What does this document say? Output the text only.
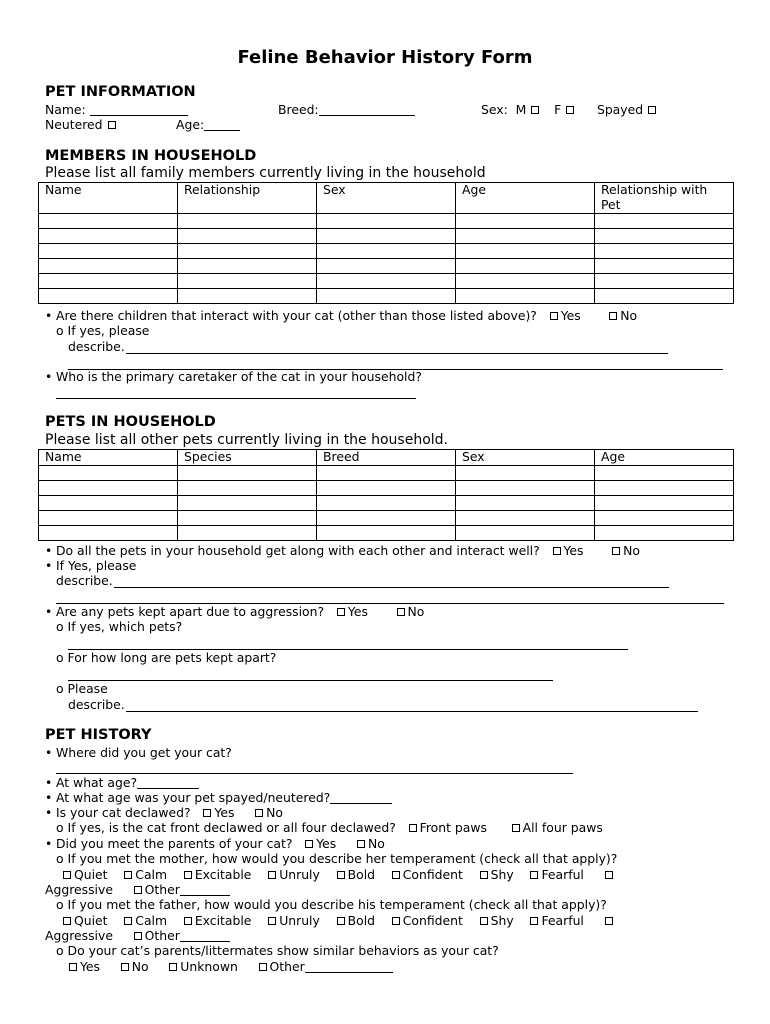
Feline Behavior History Form
PET INFORMATION
Name:	Breed:	Sex: M F	Spayed
Neutered	Age:
MEMBERS IN HOUSEHOLD
Please list all family members currently living in the household
Name	Relationship	Sex	Age	Relationship with Pet

• Are there children that interact with your cat (other than those listed above)? Yes	No
o If yes, please
describe.
• Who is the primary caretaker of the cat in your household?
PETS IN HOUSEHOLD
Please list all other pets currently living in the household.
Name	Species	Breed	Sex	Age

• Do all the pets in your household get along with each other and interact well? Yes	No
• If Yes, please
describe.
• Are any pets kept apart due to aggression? Yes	No
o If yes, which pets?
o For how long are pets kept apart?
o Please
describe.
PET HISTORY
• Where did you get your cat?
• At what age?
• At what age was your pet spayed/neutered?
• Is your cat declawed? Yes	No
o If yes, is the cat front declawed or all four declawed? Front paws	All four paws
• Did you meet the parents of your cat? Yes	No
o If you met the mother, how would you describe her temperament (check all that apply)?
Quiet Calm Excitable Unruly Bold Confident Shy Fearful
Aggressive	Other
o If you met the father, how would you describe his temperament (check all that apply)?
Quiet Calm Excitable Unruly Bold Confident Shy Fearful
Aggressive	Other
o Do your cat’s parents/littermates show similar behaviors as your cat?
Yes	No	Unknown	Other
